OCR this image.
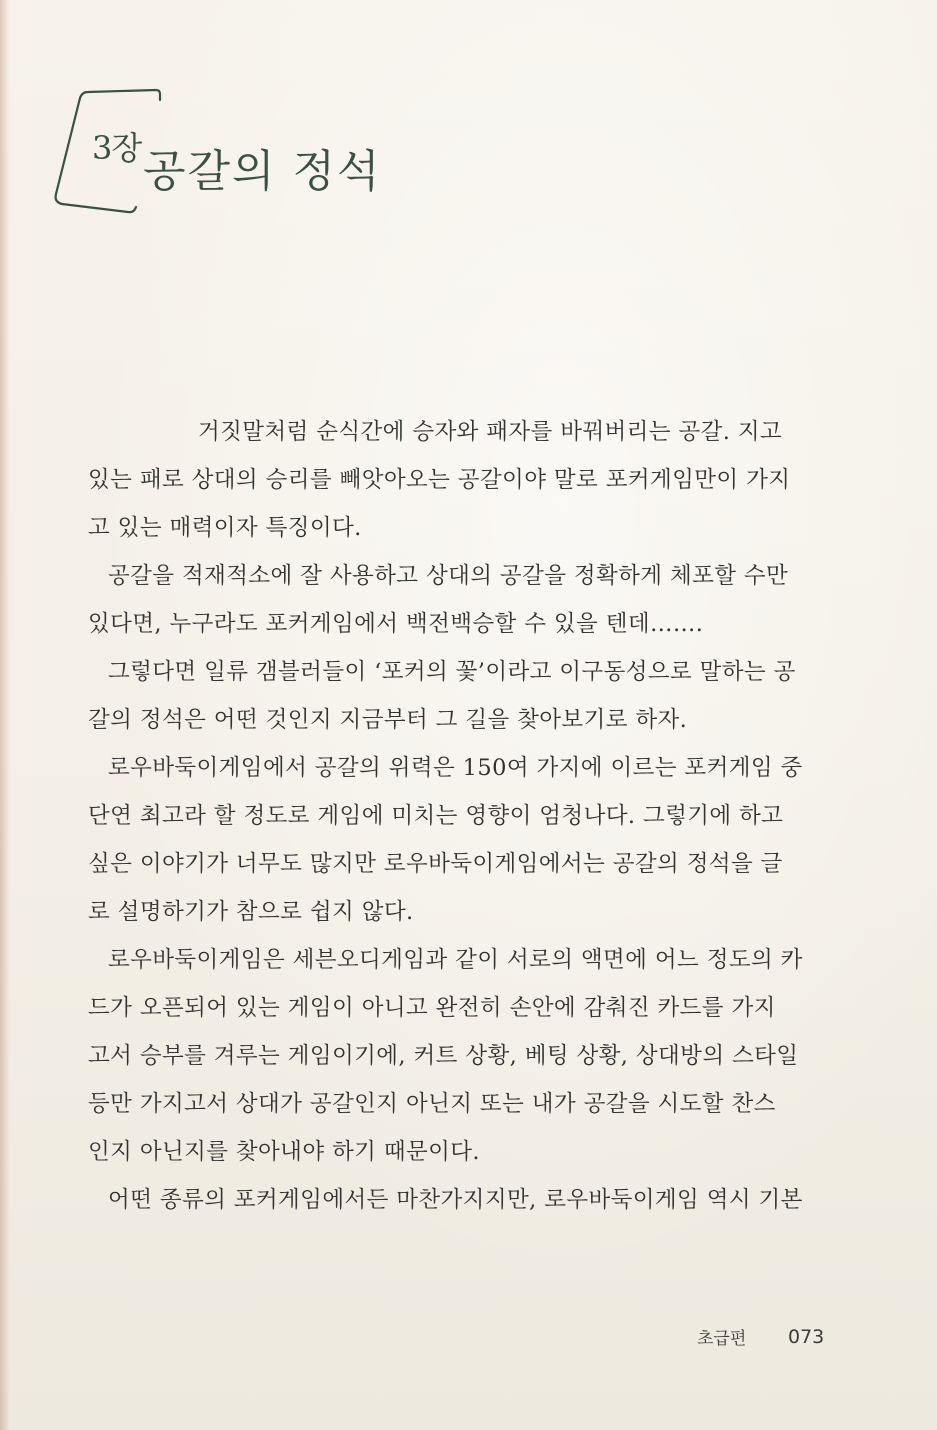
3장 공갈의 정석
거짓말처럼 순식간에 승자와 패자를 바꿔버리는 공갈. 지고
있는 패로 상대의 승리를 빼앗아오는 공갈이야 말로 포커게임만이 가지
고 있는 매력이자 특징이다.
공갈을 적재적소에 잘 사용하고 상대의 공갈을 정확하게 체포할 수만
있다면, 누구라도 포커게임에서 백전백승할 수 있을 텐데…….
그렇다면 일류 갬블러들이 ‘포커의 꽃’이라고 이구동성으로 말하는 공
갈의 정석은 어떤 것인지 지금부터 그 길을 찾아보기로 하자.
로우바둑이게임에서 공갈의 위력은 150여 가지에 이르는 포커게임 중
단연 최고라 할 정도로 게임에 미치는 영향이 엄청나다. 그렇기에 하고
싶은 이야기가 너무도 많지만 로우바둑이게임에서는 공갈의 정석을 글
로 설명하기가 참으로 쉽지 않다.
로우바둑이게임은 세븐오디게임과 같이 서로의 액면에 어느 정도의 카
드가 오픈되어 있는 게임이 아니고 완전히 손안에 감춰진 카드를 가지
고서 승부를 겨루는 게임이기에, 커트 상황, 베팅 상황, 상대방의 스타일
등만 가지고서 상대가 공갈인지 아닌지 또는 내가 공갈을 시도할 찬스
인지 아닌지를 찾아내야 하기 때문이다.
어떤 종류의 포커게임에서든 마찬가지지만, 로우바둑이게임 역시 기본
초급편 073
